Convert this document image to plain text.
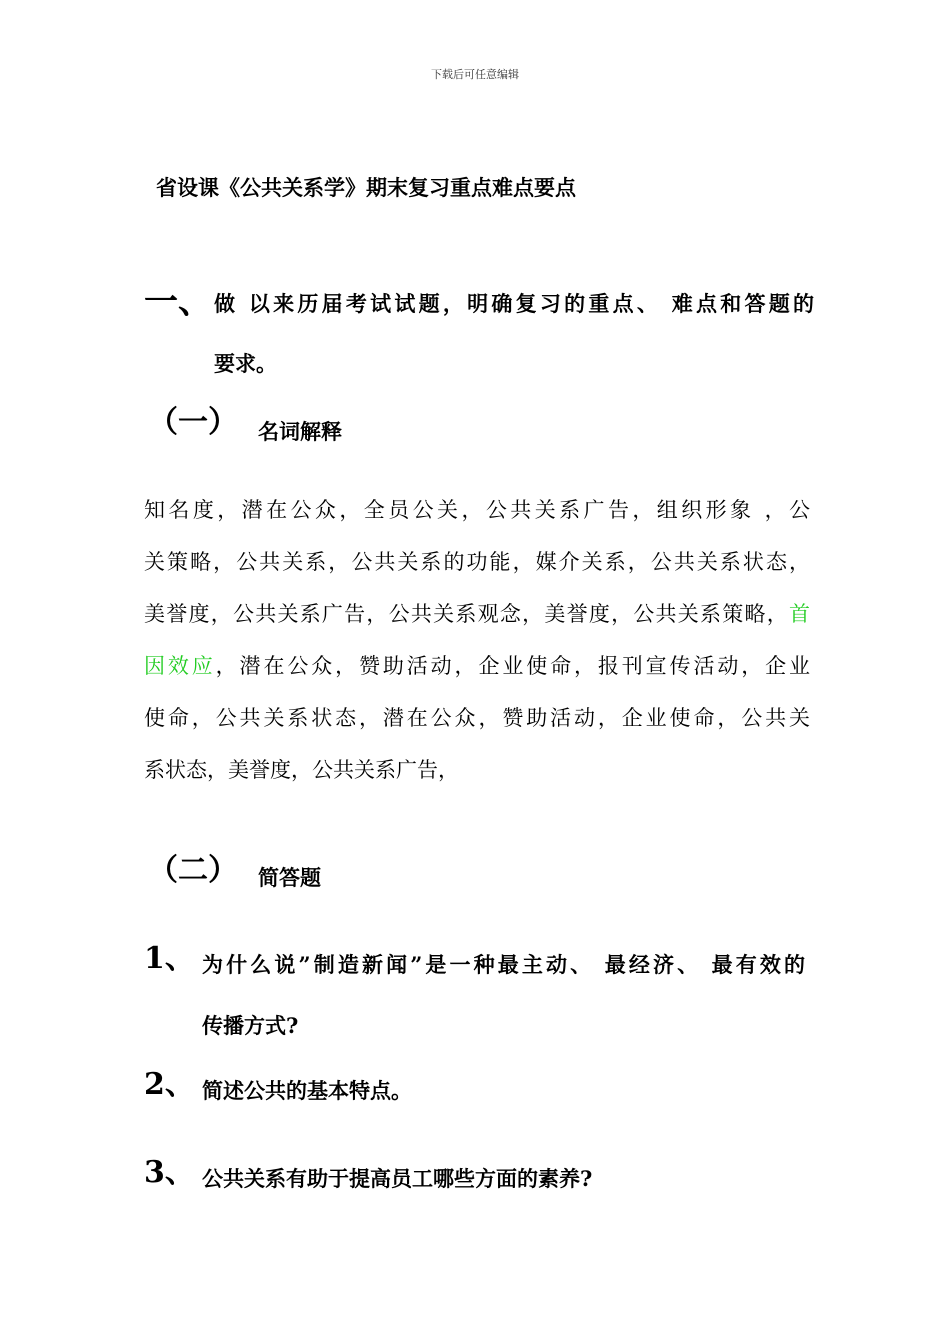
下载后可任意编辑
省设课《公共关系学》期末复习重点难点要点
一、 做 以来历届考试试题，明确复习的重点、 难点和答题的
要求。
（一） 名词解释
知名度，潜在公众，全员公关，公共关系广告，组织形象 ，公
关策略，公共关系，公共关系的功能，媒介关系，公共关系状态，
美誉度，公共关系广告，公共关系观念，美誉度，公共关系策略，首
因效应，潜在公众，赞助活动，企业使命，报刊宣传活动，企业
使命，公共关系状态，潜在公众，赞助活动，企业使命，公共关
系状态，美誉度，公共关系广告，
（二） 简答题
1、 为什么说”制造新闻”是一种最主动、 最经济、 最有效的
传播方式?
2、 简述公共的基本特点。
3、 公共关系有助于提高员工哪些方面的素养?
